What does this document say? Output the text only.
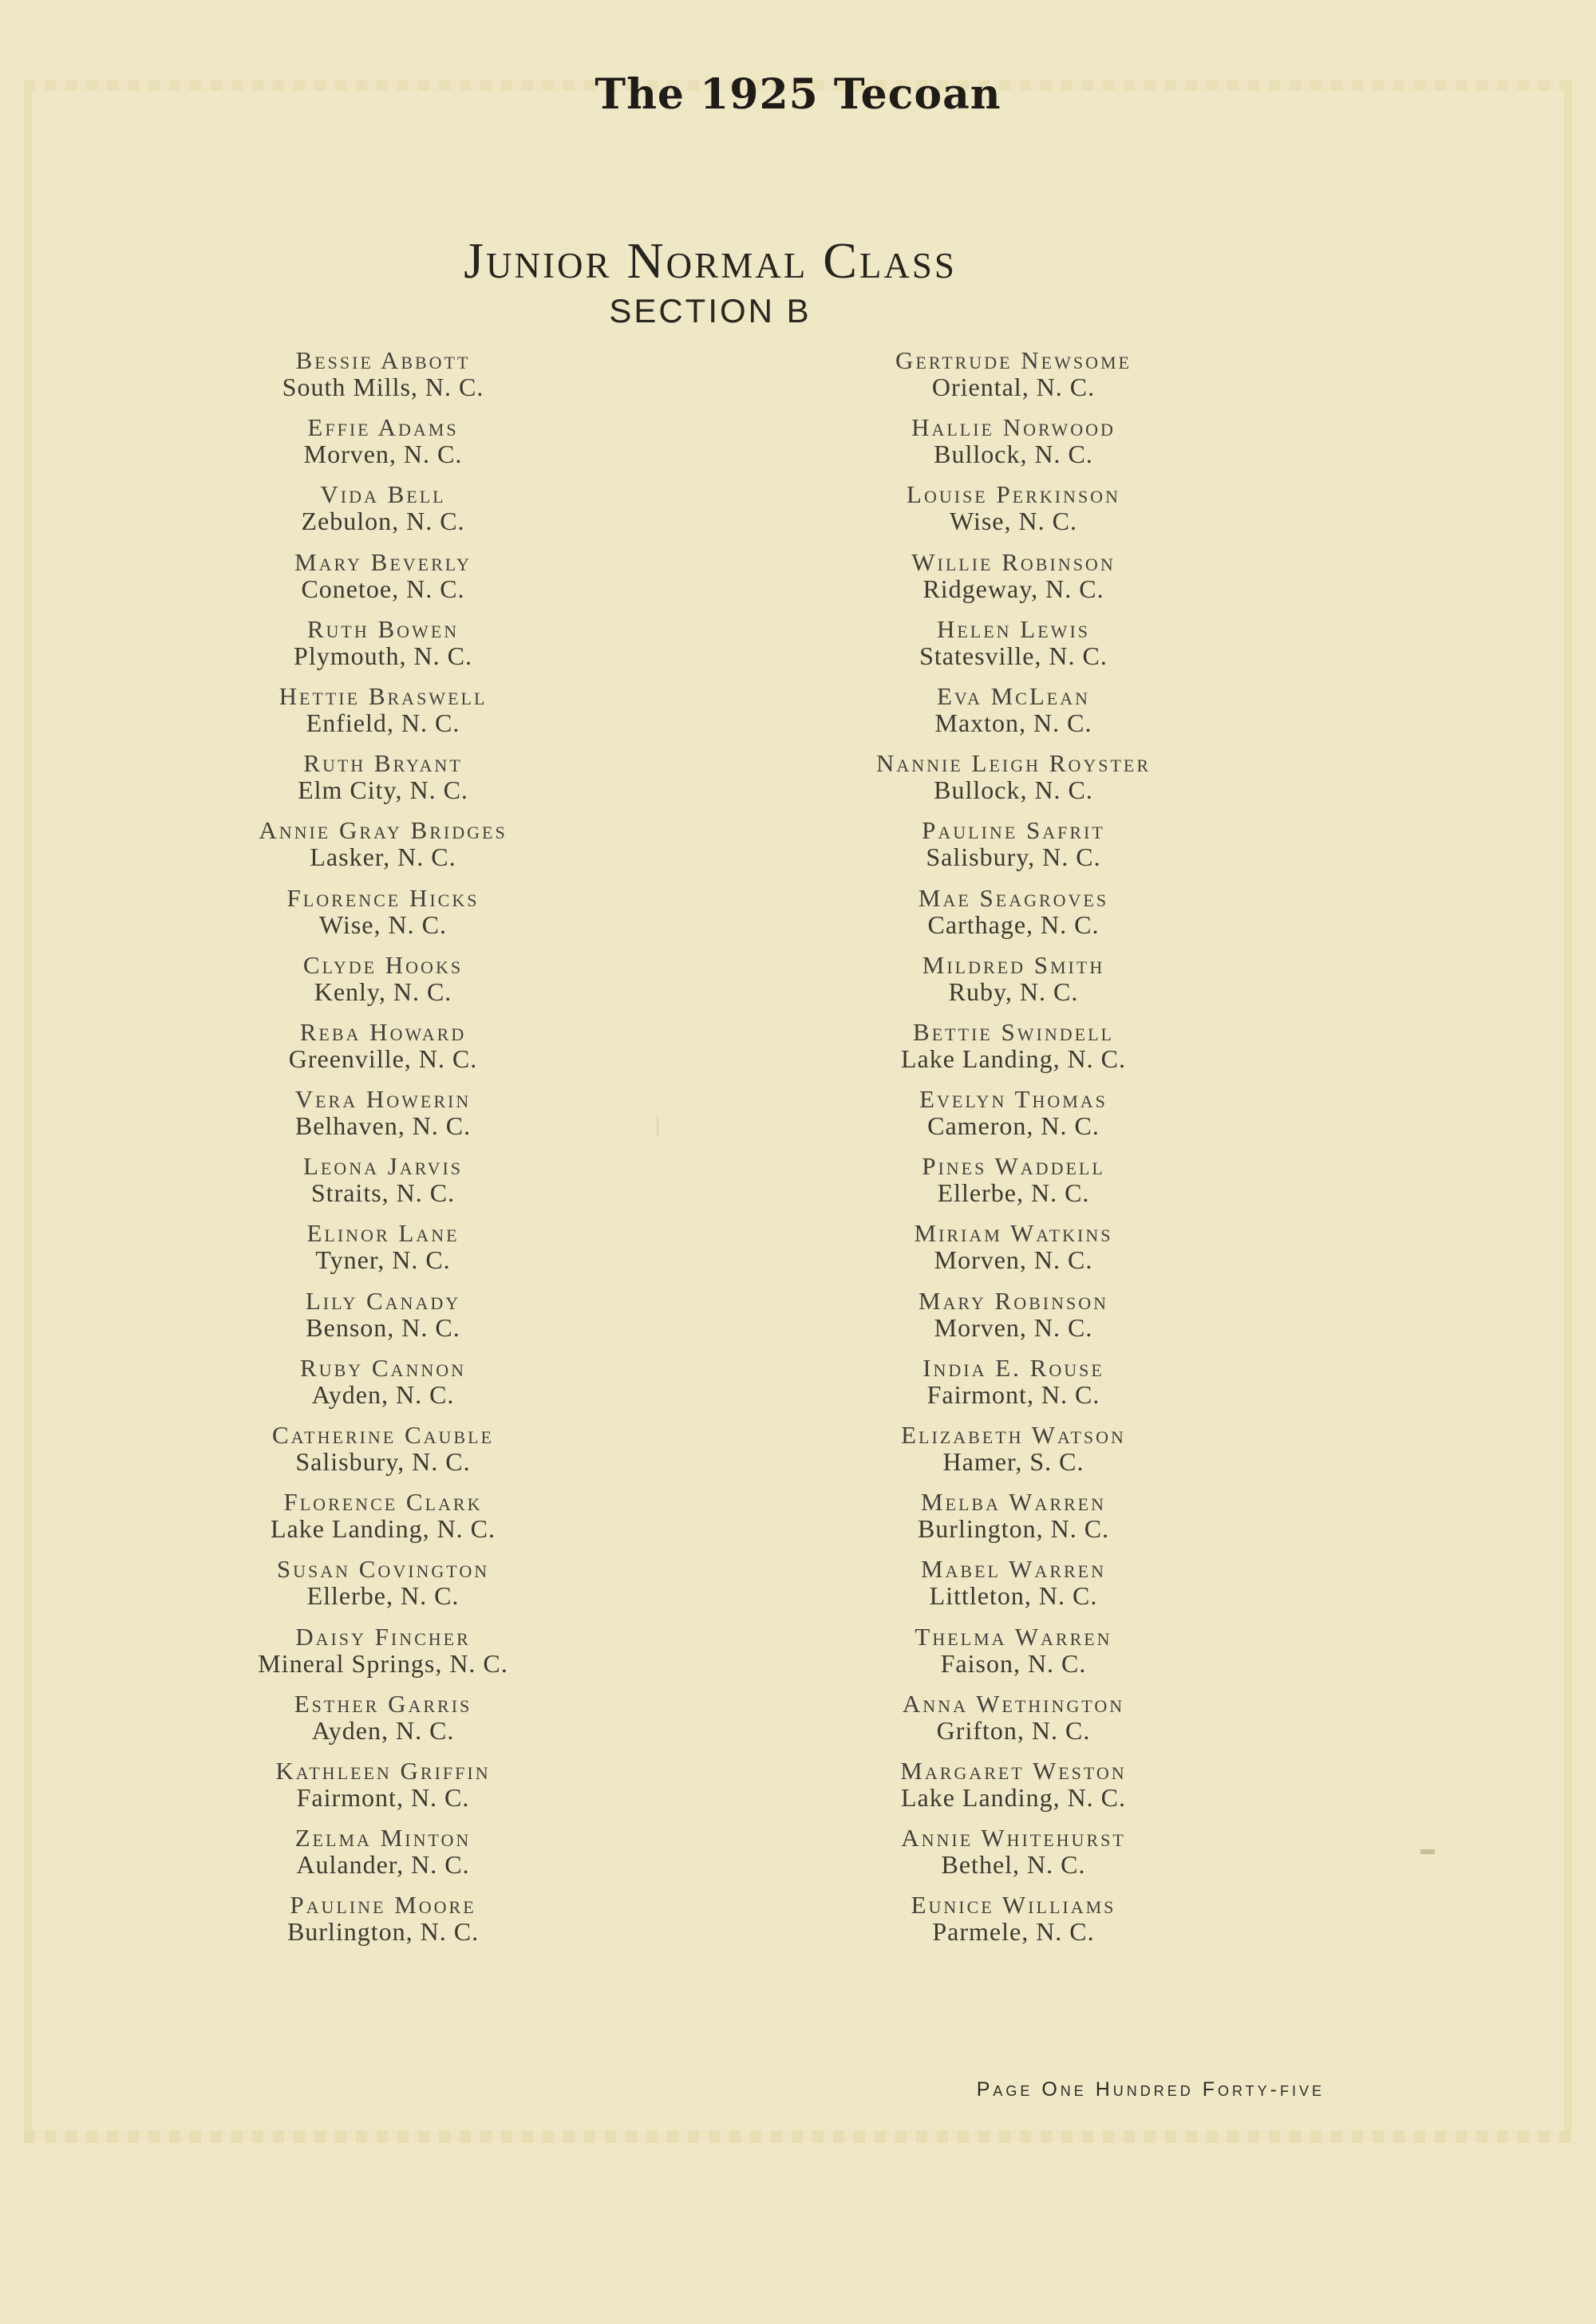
The 1925 Tecoan
Junior Normal Class
SECTION B
Bessie Abbott
South Mills, N. C.
Effie Adams
Morven, N. C.
Vida Bell
Zebulon, N. C.
Mary Beverly
Conetoe, N. C.
Ruth Bowen
Plymouth, N. C.
Hettie Braswell
Enfield, N. C.
Ruth Bryant
Elm City, N. C.
Annie Gray Bridges
Lasker, N. C.
Florence Hicks
Wise, N. C.
Clyde Hooks
Kenly, N. C.
Reba Howard
Greenville, N. C.
Vera Howerin
Belhaven, N. C.
Leona Jarvis
Straits, N. C.
Elinor Lane
Tyner, N. C.
Lily Canady
Benson, N. C.
Ruby Cannon
Ayden, N. C.
Catherine Cauble
Salisbury, N. C.
Florence Clark
Lake Landing, N. C.
Susan Covington
Ellerbe, N. C.
Daisy Fincher
Mineral Springs, N. C.
Esther Garris
Ayden, N. C.
Kathleen Griffin
Fairmont, N. C.
Zelma Minton
Aulander, N. C.
Pauline Moore
Burlington, N. C.
Gertrude Newsome
Oriental, N. C.
Hallie Norwood
Bullock, N. C.
Louise Perkinson
Wise, N. C.
Willie Robinson
Ridgeway, N. C.
Helen Lewis
Statesville, N. C.
Eva McLean
Maxton, N. C.
Nannie Leigh Royster
Bullock, N. C.
Pauline Safrit
Salisbury, N. C.
Mae Seagroves
Carthage, N. C.
Mildred Smith
Ruby, N. C.
Bettie Swindell
Lake Landing, N. C.
Evelyn Thomas
Cameron, N. C.
Pines Waddell
Ellerbe, N. C.
Miriam Watkins
Morven, N. C.
Mary Robinson
Morven, N. C.
India E. Rouse
Fairmont, N. C.
Elizabeth Watson
Hamer, S. C.
Melba Warren
Burlington, N. C.
Mabel Warren
Littleton, N. C.
Thelma Warren
Faison, N. C.
Anna Wethington
Grifton, N. C.
Margaret Weston
Lake Landing, N. C.
Annie Whitehurst
Bethel, N. C.
Eunice Williams
Parmele, N. C.
Page One Hundred Forty-five
